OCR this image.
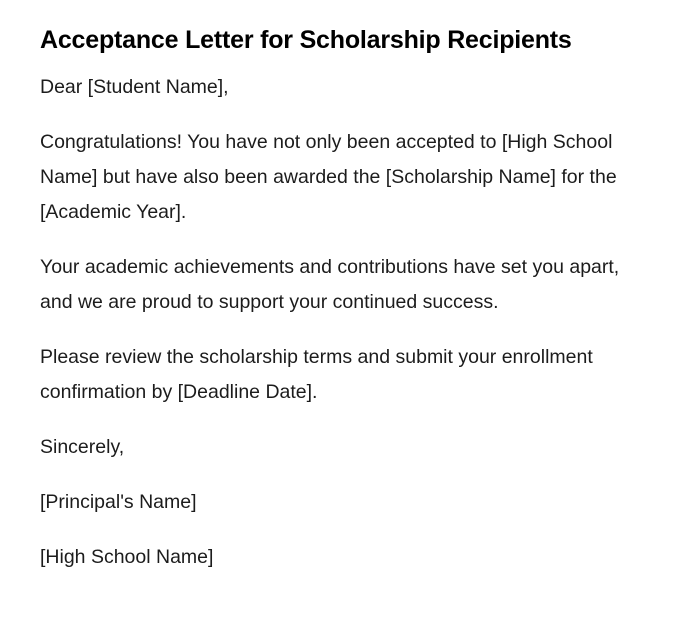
Acceptance Letter for Scholarship Recipients

Dear [Student Name],

Congratulations! You have not only been accepted to [High School Name] but have also been awarded the [Scholarship Name] for the [Academic Year].

Your academic achievements and contributions have set you apart, and we are proud to support your continued success.

Please review the scholarship terms and submit your enrollment confirmation by [Deadline Date].

Sincerely,

[Principal's Name]

[High School Name]
